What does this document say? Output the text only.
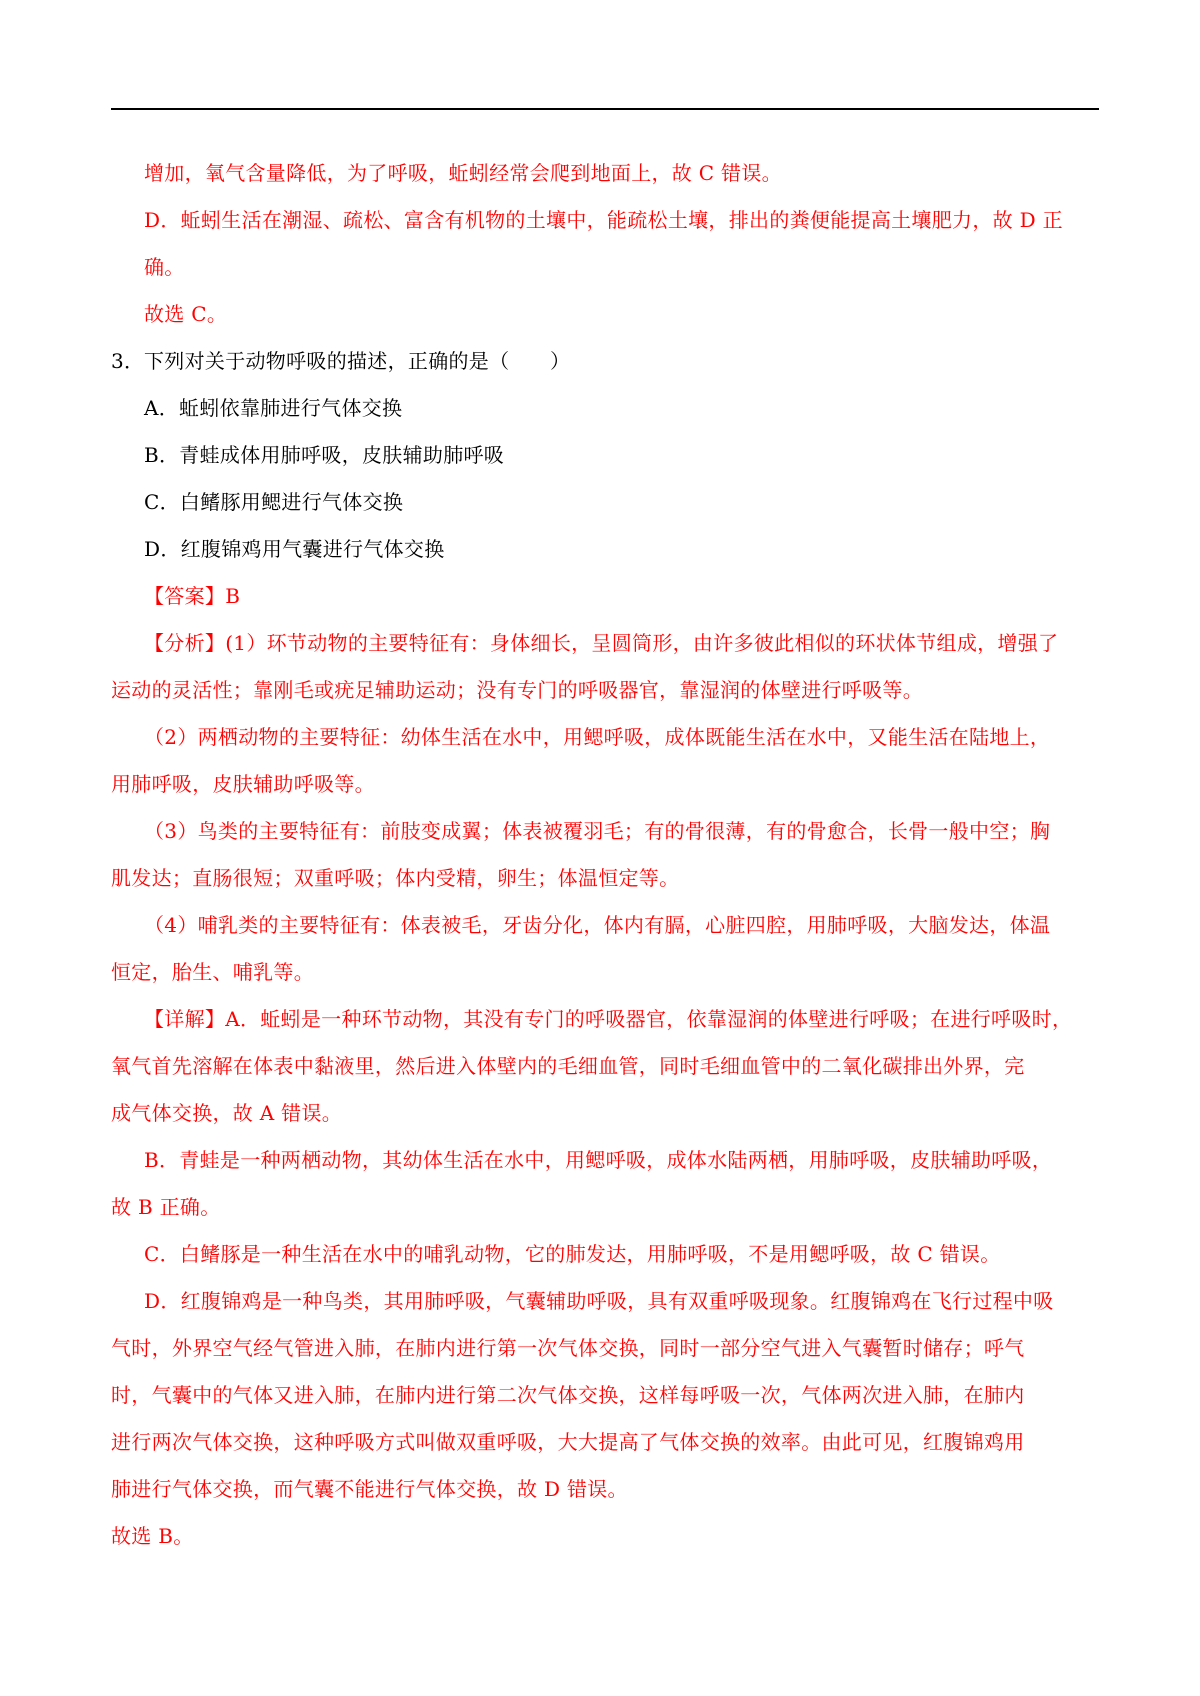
增加，氧气含量降低，为了呼吸，蚯蚓经常会爬到地面上，故 C 错误。

D．蚯蚓生活在潮湿、疏松、富含有机物的土壤中，能疏松土壤，排出的粪便能提高土壤肥力，故 D 正

确。

故选 C。

3．下列对关于动物呼吸的描述，正确的是（　　）

A．蚯蚓依靠肺进行气体交换

B．青蛙成体用肺呼吸，皮肤辅助肺呼吸

C．白鳍豚用鳃进行气体交换

D．红腹锦鸡用气囊进行气体交换

【答案】B

【分析】(1）环节动物的主要特征有：身体细长，呈圆筒形，由许多彼此相似的环状体节组成，增强了

运动的灵活性；靠刚毛或疣足辅助运动；没有专门的呼吸器官，靠湿润的体壁进行呼吸等。

（2）两栖动物的主要特征：幼体生活在水中，用鳃呼吸，成体既能生活在水中，又能生活在陆地上，

用肺呼吸，皮肤辅助呼吸等。

（3）鸟类的主要特征有：前肢变成翼；体表被覆羽毛；有的骨很薄，有的骨愈合，长骨一般中空；胸

肌发达；直肠很短；双重呼吸；体内受精，卵生；体温恒定等。

（4）哺乳类的主要特征有：体表被毛，牙齿分化，体内有膈，心脏四腔，用肺呼吸，大脑发达，体温

恒定，胎生、哺乳等。

【详解】A．蚯蚓是一种环节动物，其没有专门的呼吸器官，依靠湿润的体壁进行呼吸；在进行呼吸时，

氧气首先溶解在体表中黏液里，然后进入体壁内的毛细血管，同时毛细血管中的二氧化碳排出外界，完

成气体交换，故 A 错误。

B．青蛙是一种两栖动物，其幼体生活在水中，用鳃呼吸，成体水陆两栖，用肺呼吸，皮肤辅助呼吸，

故 B 正确。

C．白鳍豚是一种生活在水中的哺乳动物，它的肺发达，用肺呼吸，不是用鳃呼吸，故 C 错误。

D．红腹锦鸡是一种鸟类，其用肺呼吸，气囊辅助呼吸，具有双重呼吸现象。红腹锦鸡在飞行过程中吸

气时，外界空气经气管进入肺，在肺内进行第一次气体交换，同时一部分空气进入气囊暂时储存；呼气

时，气囊中的气体又进入肺，在肺内进行第二次气体交换，这样每呼吸一次，气体两次进入肺，在肺内

进行两次气体交换，这种呼吸方式叫做双重呼吸，大大提高了气体交换的效率。由此可见，红腹锦鸡用

肺进行气体交换，而气囊不能进行气体交换，故 D 错误。

故选 B。
